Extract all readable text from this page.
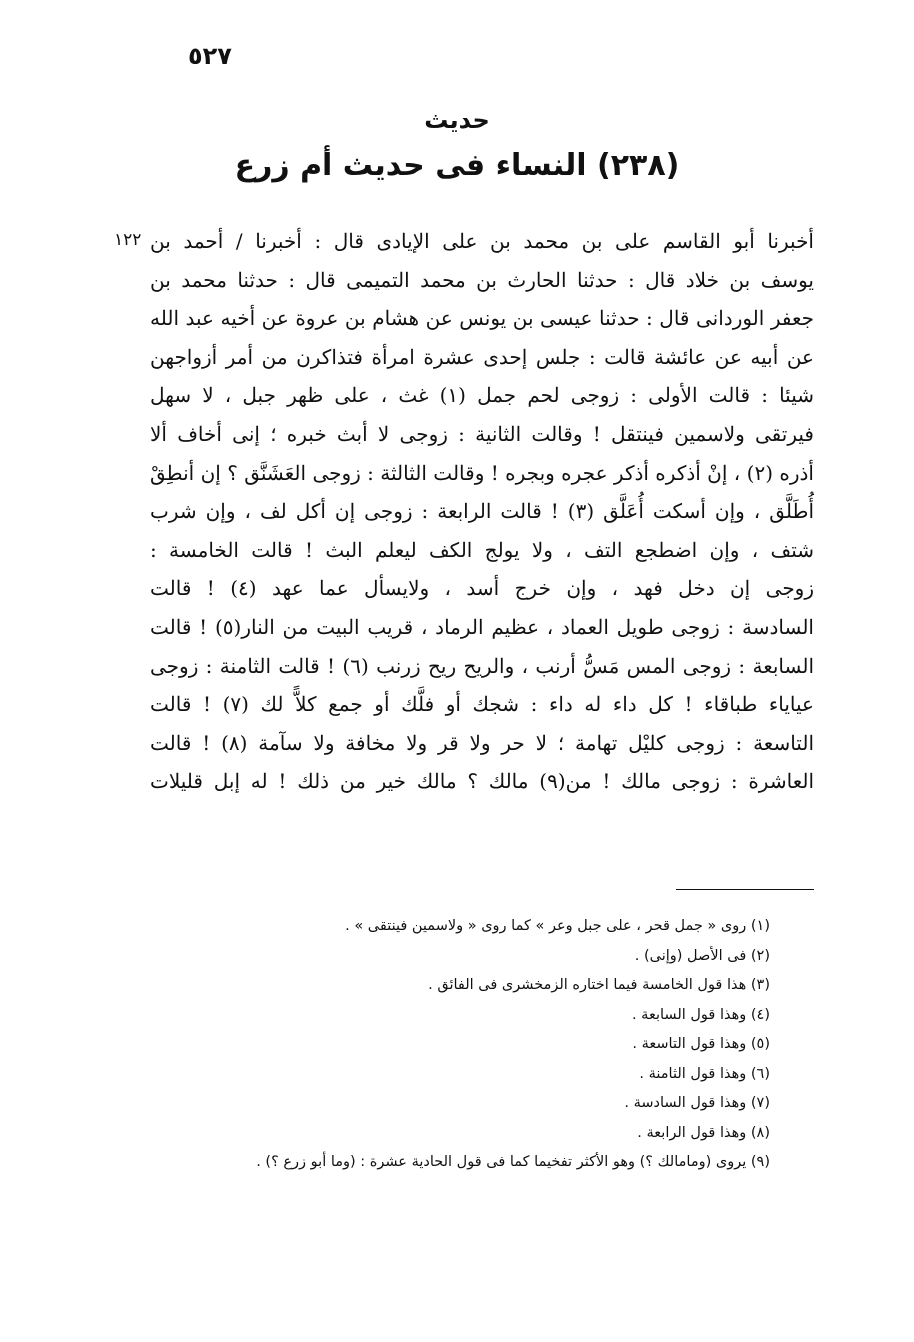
٥٢٧
حديث
(٢٣٨) النساء فى حديث أم زرع
١٢٢ أخبرنا أبو القاسم على بن محمد بن على الإيادى قال : أخبرنا / أحمد بن
يوسف بن خلاد قال : حدثنا الحارث بن محمد التميمى قال : حدثنا محمد بن
جعفر الوردانى قال : حدثنا عيسى بن يونس عن هشام بن عروة عن أخيه عبد الله
عن أبيه عن عائشة قالت : جلس إحدى عشرة امرأة فتذاكرن من أمر أزواجهن
شيئا : قالت الأولى : زوجى لحم جمل (١) غث ، على ظهر جبل ، لا سهل
فيرتقى ولاسمين فينتقل ! وقالت الثانية : زوجى لا أبث خبره ؛ إنى أخاف ألا
أذره (٢) ، إنْ أذكره أذكر عجره وبجره ! وقالت الثالثة : زوجى العَشَنَّق ؟ إن أنطِقْ
أُطَلَّق ، وإن أسكت أُعَلَّق (٣) ! قالت الرابعة : زوجى إن أكل لف ، وإن شرب
شتف ، وإن اضطجع التف ، ولا يولج الكف ليعلم البث ! قالت الخامسة :
زوجى إن دخل فهد ، وإن خرج أسد ، ولايسأل عما عهد (٤) ! قالت
السادسة : زوجى طويل العماد ، عظيم الرماد ، قريب البيت من النار(٥) ! قالت
السابعة : زوجى المس مَسُّ أرنب ، والريح ريح زرنب (٦) ! قالت الثامنة : زوجى
عياياء طباقاء ! كل داء له داء : شجك أو فلَّك أو جمع كلاًّ لك (٧) ! قالت
التاسعة : زوجى كليْل تهامة ؛ لا حر ولا قر ولا مخافة ولا سآمة (٨) ! قالت
العاشرة : زوجى مالك ! من(٩) مالك ؟ مالك خير من ذلك ! له إبل قليلات
(١) روى « جمل قحر ، على جبل وعر » كما روى « ولاسمين فينتقى » .
(٢) فى الأصل (وإنى) .
(٣) هذا قول الخامسة فيما اختاره الزمخشرى فى الفائق .
(٤) وهذا قول السابعة .
(٥) وهذا قول التاسعة .
(٦) وهذا قول الثامنة .
(٧) وهذا قول السادسة .
(٨) وهذا قول الرابعة .
(٩) يروى (ومامالك ؟) وهو الأكثر تفخيما كما فى قول الحادية عشرة : (وما أبو زرع ؟) .
